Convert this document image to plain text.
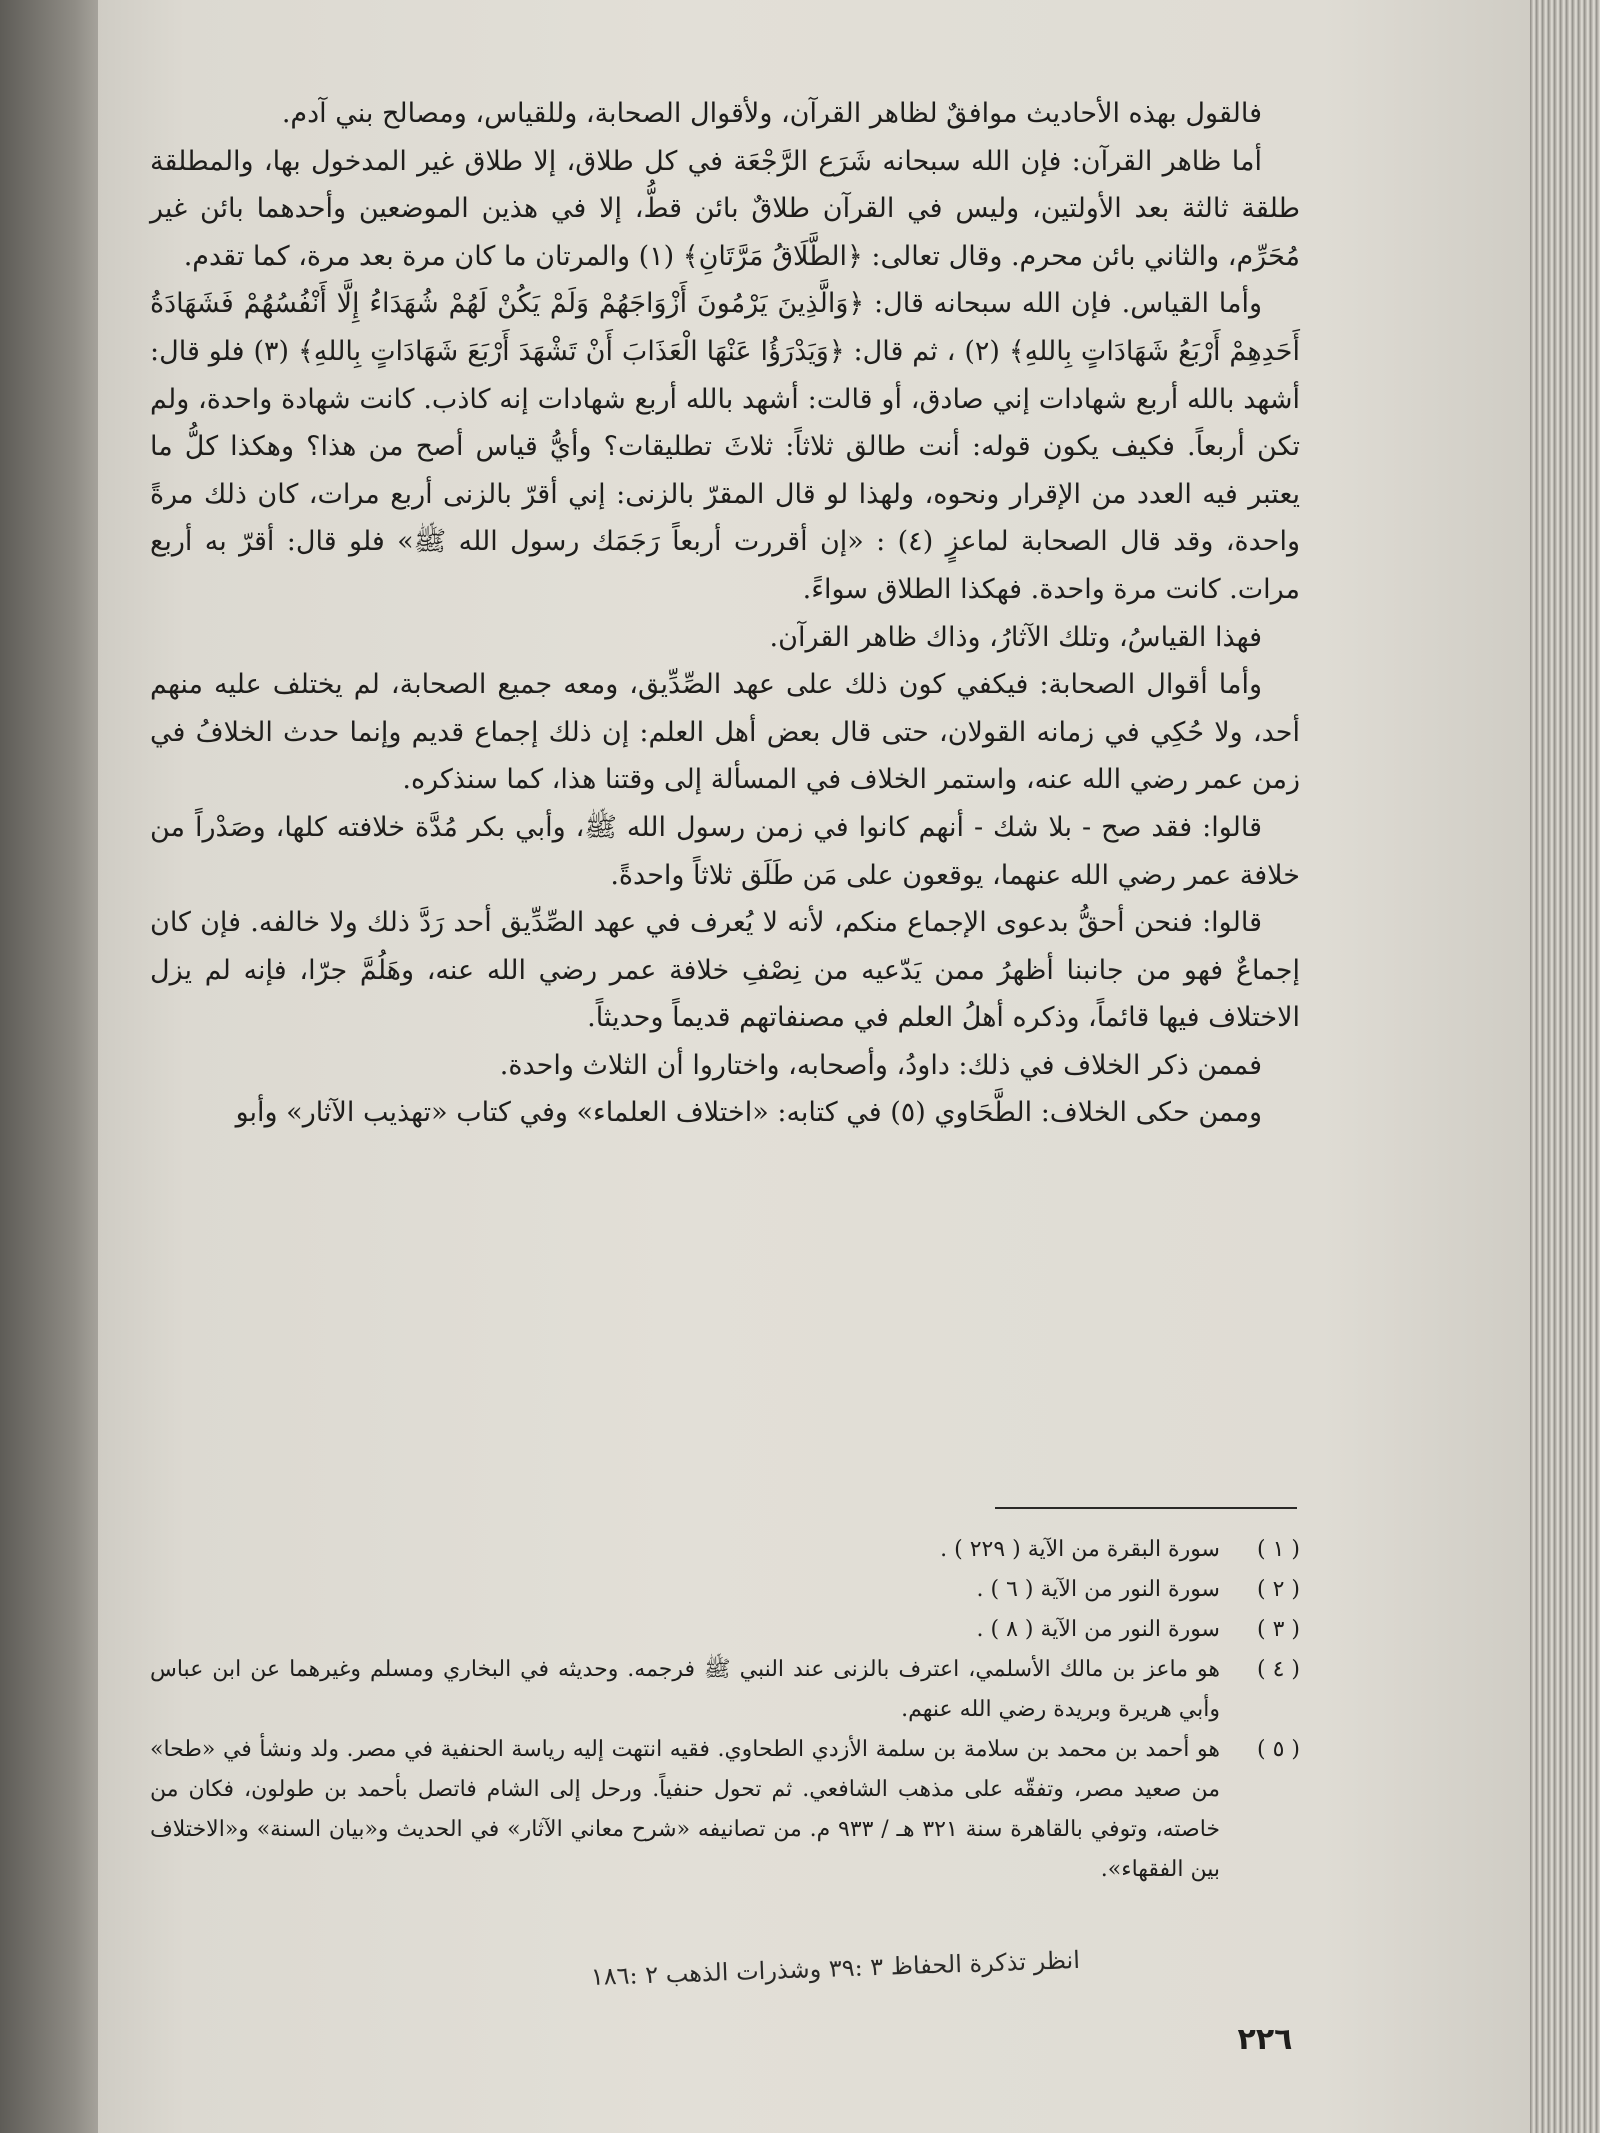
فالقول بهذه الأحاديث موافقٌ لظاهر القرآن، ولأقوال الصحابة، وللقياس، ومصالح بني آدم.

أما ظاهر القرآن: فإن الله سبحانه شَرَع الرَّجْعَة في كل طلاق، إلا طلاق غير المدخول بها، والمطلقة طلقة ثالثة بعد الأولتين، وليس في القرآن طلاقٌ بائن قطُّ، إلا في هذين الموضعين وأحدهما بائن غير مُحَرِّم، والثاني بائن محرم. وقال تعالى: ﴿الطَّلَاقُ مَرَّتَانِ﴾ (١) والمرتان ما كان مرة بعد مرة، كما تقدم.

وأما القياس. فإن الله سبحانه قال: ﴿وَالَّذِينَ يَرْمُونَ أَزْوَاجَهُمْ وَلَمْ يَكُنْ لَهُمْ شُهَدَاءُ إِلَّا أَنْفُسُهُمْ فَشَهَادَةُ أَحَدِهِمْ أَرْبَعُ شَهَادَاتٍ بِاللهِ﴾ (٢) ، ثم قال: ﴿وَيَدْرَؤُا عَنْهَا الْعَذَابَ أَنْ تَشْهَدَ أَرْبَعَ شَهَادَاتٍ بِاللهِ﴾ (٣) فلو قال: أشهد بالله أربع شهادات إني صادق، أو قالت: أشهد بالله أربع شهادات إنه كاذب. كانت شهادة واحدة، ولم تكن أربعاً. فكيف يكون قوله: أنت طالق ثلاثاً: ثلاثَ تطليقات؟ وأيُّ قياس أصح من هذا؟ وهكذا كلُّ ما يعتبر فيه العدد من الإقرار ونحوه، ولهذا لو قال المقرّ بالزنى: إني أقرّ بالزنى أربع مرات، كان ذلك مرةً واحدة، وقد قال الصحابة لماعزٍ (٤) : «إن أقررت أربعاً رَجَمَك رسول الله ﷺ» فلو قال: أقرّ به أربع مرات. كانت مرة واحدة. فهكذا الطلاق سواءً.

فهذا القياسُ، وتلك الآثارُ، وذاك ظاهر القرآن.

وأما أقوال الصحابة: فيكفي كون ذلك على عهد الصِّدِّيق، ومعه جميع الصحابة، لم يختلف عليه منهم أحد، ولا حُكِي في زمانه القولان، حتى قال بعض أهل العلم: إن ذلك إجماع قديم وإنما حدث الخلافُ في زمن عمر رضي الله عنه، واستمر الخلاف في المسألة إلى وقتنا هذا، كما سنذكره.

قالوا: فقد صح - بلا شك - أنهم كانوا في زمن رسول الله ﷺ، وأبي بكر مُدَّة خلافته كلها، وصَدْراً من خلافة عمر رضي الله عنهما، يوقعون على مَن طَلَق ثلاثاً واحدةً.

قالوا: فنحن أحقُّ بدعوى الإجماع منكم، لأنه لا يُعرف في عهد الصِّدِّيق أحد رَدَّ ذلك ولا خالفه. فإن كان إجماعٌ فهو من جانبنا أظهرُ ممن يَدّعيه من نِصْفِ خلافة عمر رضي الله عنه، وهَلُمَّ جرّا، فإنه لم يزل الاختلاف فيها قائماً، وذكره أهلُ العلم في مصنفاتهم قديماً وحديثاً.

فممن ذكر الخلاف في ذلك: داودُ، وأصحابه، واختاروا أن الثلاث واحدة.

وممن حكى الخلاف: الطَّحَاوي (٥) في كتابه: «اختلاف العلماء» وفي كتاب «تهذيب الآثار» وأبو

( ١ )
سورة البقرة من الآية ( ٢٢٩ ) .
( ٢ )
سورة النور من الآية ( ٦ ) .
( ٣ )
سورة النور من الآية ( ٨ ) .
( ٤ )
هو ماعز بن مالك الأسلمي، اعترف بالزنى عند النبي ﷺ فرجمه. وحديثه في البخاري ومسلم وغيرهما عن ابن عباس وأبي هريرة وبريدة رضي الله عنهم.
( ٥ )
هو أحمد بن محمد بن سلامة بن سلمة الأزدي الطحاوي. فقيه انتهت إليه رياسة الحنفية في مصر. ولد ونشأ في «طحا» من صعيد مصر، وتفقّه على مذهب الشافعي. ثم تحول حنفياً. ورحل إلى الشام فاتصل بأحمد بن طولون، فكان من خاصته، وتوفي بالقاهرة سنة ٣٢١ هـ / ٩٣٣ م. من تصانيفه «شرح معاني الآثار» في الحديث و«بيان السنة» و«الاختلاف بين الفقهاء».
انظر تذكرة الحفاظ ٣ :٣٩ وشذرات الذهب ٢ :١٨٦
٢٢٦
